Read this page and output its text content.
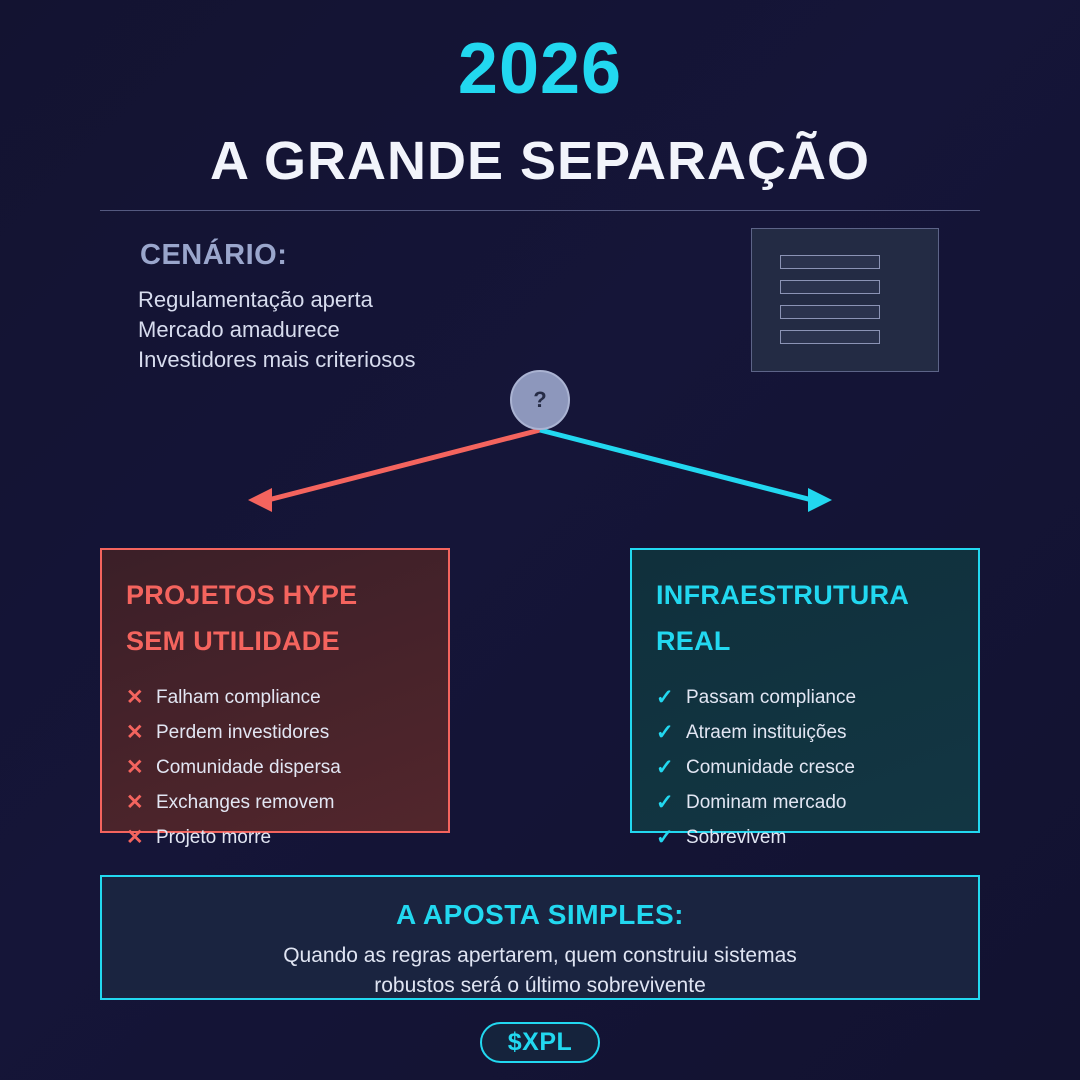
2026
A GRANDE SEPARAÇÃO
CENÁRIO:
Regulamentação aperta
Mercado amadurece
Investidores mais criteriosos
?
PROJETOS HYPE
SEM UTILIDADE
✕ Falham compliance
✕ Perdem investidores
✕ Comunidade dispersa
✕ Exchanges removem
✕ Projeto morre
INFRAESTRUTURA
REAL
✓ Passam compliance
✓ Atraem instituições
✓ Comunidade cresce
✓ Dominam mercado
✓ Sobrevivem
A APOSTA SIMPLES:
Quando as regras apertarem, quem construiu sistemas
robustos será o último sobrevivente
$XPL
